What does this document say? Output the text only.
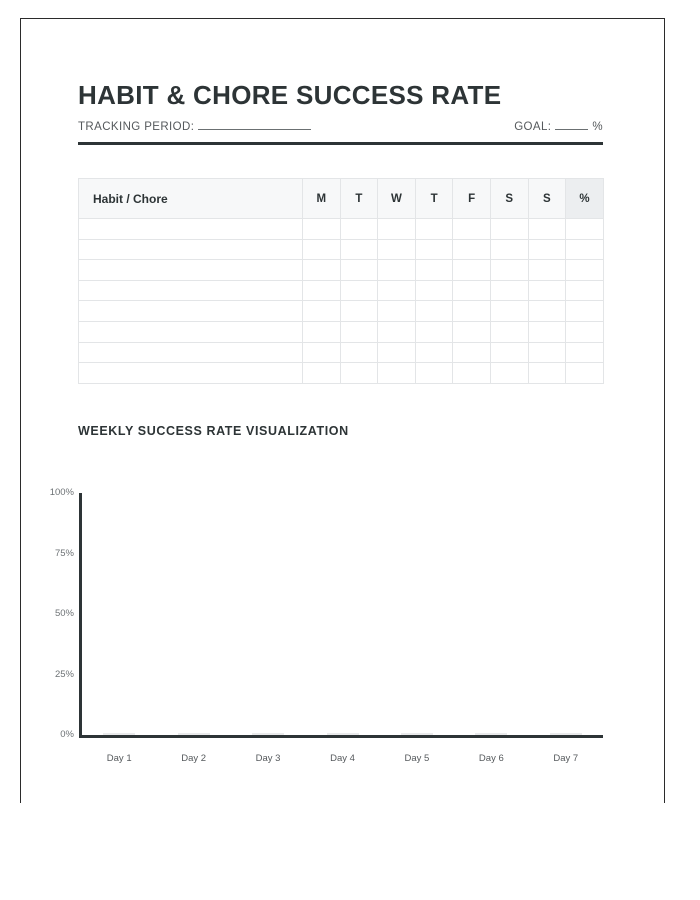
HABIT & CHORE SUCCESS RATE
TRACKING PERIOD:	GOAL:	%
Habit / Chore	M	T	W	T	F	S	S	%

WEEKLY SUCCESS RATE VISUALIZATION
0%
25%
50%
75%
100%
Day 1	Day 2	Day 3	Day 4	Day 5	Day 6	Day 7
